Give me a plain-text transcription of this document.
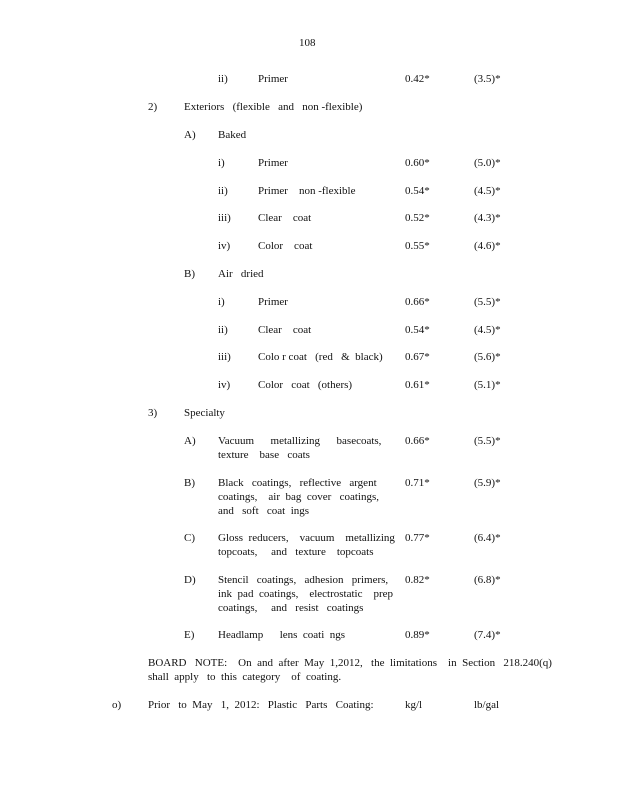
108
ii)	Primer	0.42*	(3.5)*
2) Exteriors   (flexible   and   non -flexible)
A) Baked
i)	Primer	0.60*	(5.0)*
ii)	Primer    non -flexible	0.54*	(4.5)*
iii) Clear    coat	0.52*	(4.3)*
iv)	Color    coat	0.55*	(4.6)*
B) Air   dried
i)	Primer	0.66*	(5.5)*
ii)	Clear    coat	0.54*	(4.5)*
iii) Colo r coat   (red   &  black) 0.67*	(5.6)*
iv)	Color   coat   (others)	0.61*	(5.1)*
3) Specialty
A) Vacuum      metallizing      basecoats,
texture    base   coats
0.66*	(5.5)*
B) Black   coatings,   reflective   argent
coatings,    air  bag  cover   coatings,
and   soft   coat  ings
0.71*	(5.9)*
C) Gloss  reducers,    vacuum    metallizing
topcoats,     and   texture    topcoats
0.77*	(6.4)*
D) Stencil   coatings,   adhesion   primers,
ink  pad  coatings,    electrostatic    prep
coatings,     and   resist   coatings
0.82*	(6.8)*
E) Headlamp      lens  coati  ngs	0.89*	(7.4)*
BOARD   NOTE:    On  and  after  May  1,2012,   the  limitations    in  Section   218.240(q)
shall  apply   to  this  category    of  coating.
o) Prior   to  May   1,  2012:   Plastic   Parts   Coating:	kg/l	lb/gal
